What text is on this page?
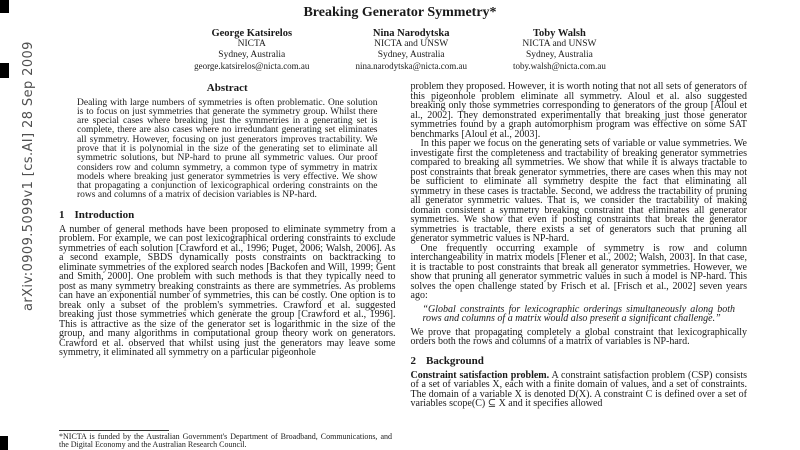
arXiv:0909.5099v1 [cs.AI] 28 Sep 2009
Breaking Generator Symmetry*
George Katsirelos
NICTA
Sydney, Australia
george.katsirelos@nicta.com.au
Nina Narodytska
NICTA and UNSW
Sydney, Australia
nina.narodytska@nicta.com.au
Toby Walsh
NICTA and UNSW
Sydney, Australia
toby.walsh@nicta.com.au
Abstract

Dealing with large numbers of symmetries is often problematic. One solution is to focus on just symmetries that generate the symmetry group. Whilst there are special cases where breaking just the symmetries in a generating set is complete, there are also cases where no irredundant generating set eliminates all symmetry. However, focusing on just generators improves tractability. We prove that it is polynomial in the size of the generating set to eliminate all symmetric solutions, but NP-hard to prune all symmetric values. Our proof considers row and column symmetry, a common type of symmetry in matrix models where breaking just generator symmetries is very effective. We show that propagating a conjunction of lexicographical ordering constraints on the rows and columns of a matrix of decision variables is NP-hard.

1 Introduction

A number of general methods have been proposed to eliminate symmetry from a problem. For example, we can post lexicographical ordering constraints to exclude symmetries of each solution [Crawford et al., 1996; Puget, 2006; Walsh, 2006]. As a second example, SBDS dynamically posts constraints on backtracking to eliminate symmetries of the explored search nodes [Backofen and Will, 1999; Gent and Smith, 2000]. One problem with such methods is that they typically need to post as many symmetry breaking constraints as there are symmetries. As problems can have an exponential number of symmetries, this can be costly. One option is to break only a subset of the problem's symmetries. Crawford et al. suggested breaking just those symmetries which generate the group [Crawford et al., 1996]. This is attractive as the size of the generator set is logarithmic in the size of the group, and many algorithms in computational group theory work on generators. Crawford et al. observed that whilst using just the generators may leave some symmetry, it eliminated all symmetry on a particular pigeonhole

problem they proposed. However, it is worth noting that not all sets of generators of this pigeonhole problem eliminate all symmetry. Aloul et al. also suggested breaking only those symmetries corresponding to generators of the group [Aloul et al., 2002]. They demonstrated experimentally that breaking just those generator symmetries found by a graph automorphism program was effective on some SAT benchmarks [Aloul et al., 2003].

In this paper we focus on the generating sets of variable or value symmetries. We investigate first the completeness and tractability of breaking generator symmetries compared to breaking all symmetries. We show that while it is always tractable to post constraints that break generator symmetries, there are cases when this may not be sufficient to eliminate all symmetry despite the fact that eliminating all symmetry in these cases is tractable. Second, we address the tractability of pruning all generator symmetric values. That is, we consider the tractability of making domain consistent a symmetry breaking constraint that eliminates all generator symmetries. We show that even if posting constraints that break the generator symmetries is tractable, there exists a set of generators such that pruning all generator symmetric values is NP-hard.

One frequently occurring example of symmetry is row and column interchangeability in matrix models [Flener et al., 2002; Walsh, 2003]. In that case, it is tractable to post constraints that break all generator symmetries. However, we show that pruning all generator symmetric values in such a model is NP-hard. This solves the open challenge stated by Frisch et al. [Frisch et al., 2002] seven years ago:

“Global constraints for lexicographic orderings simultaneously along both rows and columns of a matrix would also present a significant challenge.”

We prove that propagating completely a global constraint that lexicographically orders both the rows and columns of a matrix of variables is NP-hard.

2 Background

Constraint satisfaction problem. A constraint satisfaction problem (CSP) consists of a set of variables X, each with a finite domain of values, and a set of constraints. The domain of a variable X is denoted D(X). A constraint C is defined over a set of variables scope(C) ⊆ X and it specifies allowed

*NICTA is funded by the Australian Government's Department of Broadband, Communications, and the Digital Economy and the Australian Research Council.
